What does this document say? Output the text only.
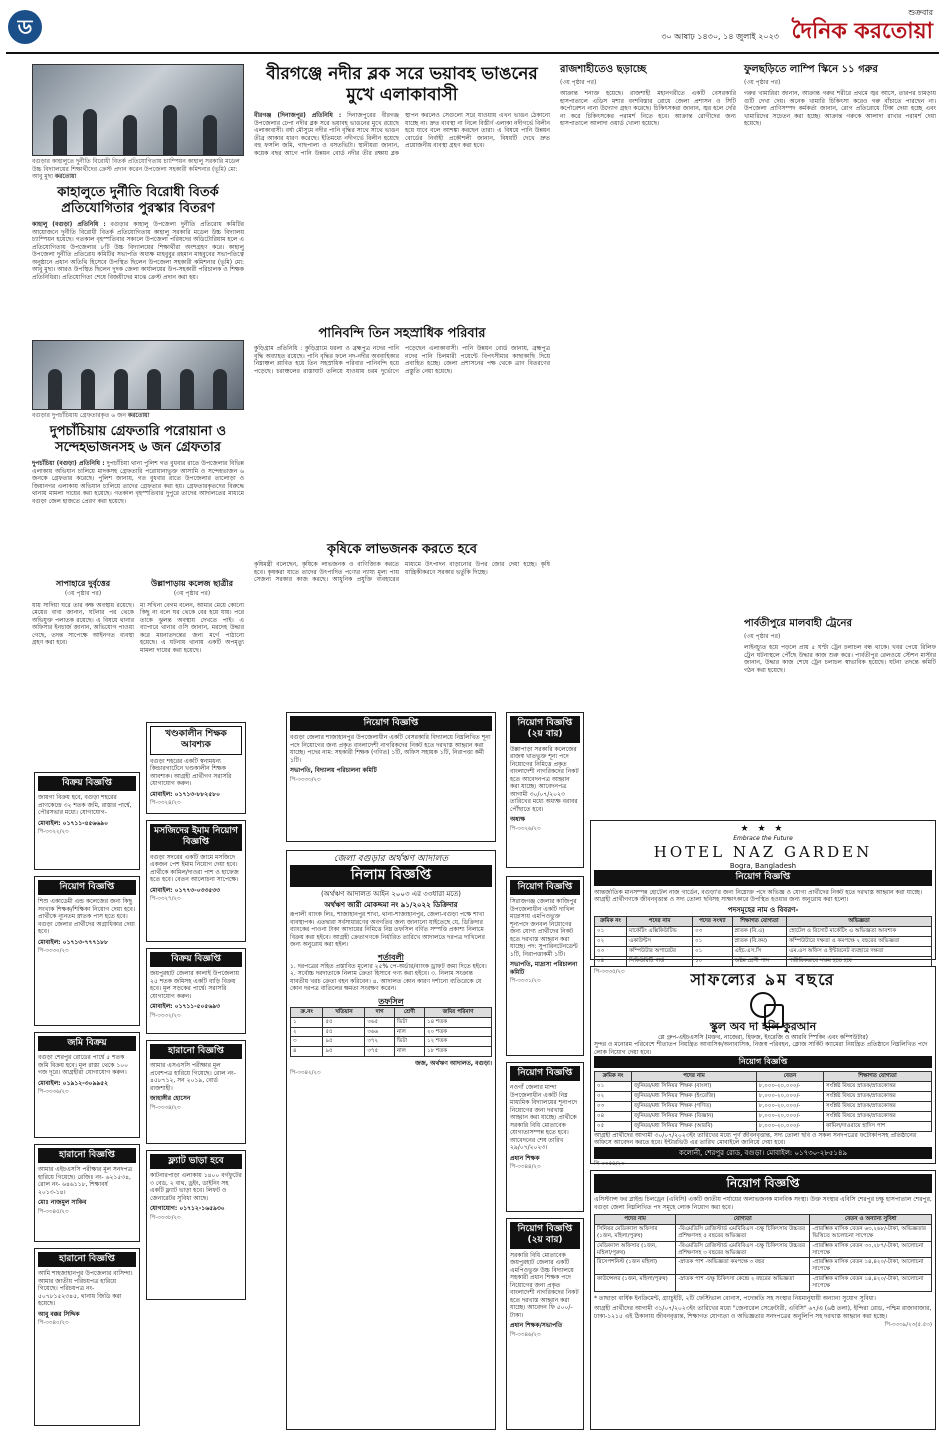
ড	৩০ আষাঢ় ১৪৩০, ১৪ জুলাই ২০২৩
শুক্রবার
দৈনিক করতোয়া
বগুড়ার কাহালুতে দুর্নীতি বিরোধী বিতর্ক প্রতিযোগিতায় চ্যাম্পিয়ন কাহালু সরকারি মডেল উচ্চ বিদ্যালয়ের শিক্ষার্থীদের ক্রেস্ট প্রদান করেন উপজেলা সহকারী কমিশনার (ভূমি) মো: আবু মুছা করতোয়া
কাহালুতে দুর্নীতি বিরোধী বিতর্ক প্রতিযোগিতার পুরস্কার বিতরণ
কাহালু (বগুড়া) প্রতিনিধি : বগুড়ার কাহালু উপজেলা দুর্নীতি প্রতিরোধ কমিটির আয়োজনে দুর্নীতি বিরোধী বিতর্ক প্রতিযোগিতায় কাহালু সরকারি মডেল উচ্চ বিদ্যালয় চ্যাম্পিয়ন হয়েছে। গতকাল বৃহস্পতিবার সকালে উপজেলা পরিষদের অডিটোরিয়াম হলে এ প্রতিযোগিতায় উপজেলার ৮টি উচ্চ বিদ্যালয়ের শিক্ষার্থীরা অংশগ্রহণ করে। কাহালু উপজেলা দুর্নীতি প্রতিরোধ কমিটির সভাপতি অধ্যক্ষ মাহবুবুর রহমান মাহবুবের সভাপতিত্বে অনুষ্ঠানে প্রধান অতিথি হিসেবে উপস্থিত ছিলেন উপজেলা সহকারী কমিশনার (ভূমি) মো: আবু মুছা। আরও উপস্থিত ছিলেন দুদক জেলা কার্যালয়ের উপ-সহকারী পরিচালক ও শিক্ষক প্রতিনিধিরা। প্রতিযোগিতা শেষে বিজয়ীদের মাঝে ক্রেস্ট প্রদান করা হয়।
বগুড়ার দুপচাঁচিয়ায় গ্রেফতারকৃত ৬ জন করতোয়া
দুপচাঁচিয়ায় গ্রেফতারি পরোয়ানা ও সন্দেহভাজনসহ ৬ জন গ্রেফতার
দুপচাঁচিয়া (বগুড়া) প্রতিনিধি : দুপচাঁচিয়া থানা পুলিশ গত বুধবার রাতে উপজেলার বিভিন্ন এলাকায় অভিযান চালিয়ে মাদকসহ গ্রেফতারি পরোয়ানাভুক্ত আসামি ও সন্দেহভাজন ৬ জনকে গ্রেফতার করেছে। পুলিশ জানায়, গত বুধবার রাতে উপজেলার তালোড়া ও জিয়ানগর এলাকায় অভিযান চালিয়ে তাদের গ্রেফতার করা হয়। গ্রেফতারকৃতদের বিরুদ্ধে থানায় মামলা দায়ের করা হয়েছে। গতকাল বৃহস্পতিবার দুপুরে তাদের আদালতের মাধ্যমে বগুড়া জেল হাজতে প্রেরণ করা হয়েছে।
সাপাহারে দুর্বৃত্তের
(৩য় পৃষ্ঠার পর)
যায় সাদিয়া ঘরে তার কক্ষ অবস্থায় রয়েছে। মেয়ের বাবা জানান, ঘটনার পর থেকে অভিযুক্ত পলাতক রয়েছে। এ বিষয়ে থানার অফিসার ইনচার্জ জানান, অভিযোগ পাওয়া গেছে, তদন্ত সাপেক্ষে আইনগত ব্যবস্থা গ্রহণ করা হবে।
উল্লাপাড়ায় কলেজ ছাত্রীর
(৩য় পৃষ্ঠার পর)
মা সখিনা বেগম বলেন, আমার মেয়ে কোনো কিছু না বলে ঘর থেকে বের হয়ে যায়। পরে তাকে ঝুলন্ত অবস্থায় দেখতে পাই। এ ব্যাপারে থানার ওসি জানান, মরদেহ উদ্ধার করে ময়নাতদন্তের জন্য মর্গে পাঠানো হয়েছে। এ ঘটনায় থানায় একটি অপমৃত্যু মামলা দায়ের করা হয়েছে।
বিক্রয় বিজ্ঞপ্তি
জায়গা বিক্রয় হবে, বগুড়া শহরের প্রাণকেন্দ্রে ৩২ শতক জমি, রাস্তার পার্শ্বে, পৌরসভার মধ্যে। যোগাযোগ-
মোবাইল: ০১৭১১-৪৫৬৬৯০
পি-৩৩২২/২৩
নিয়োগ বিজ্ঞপ্তি
শিশু একাডেমী এন্ড কলেজের জন্য কিছু সংখ্যক শিক্ষক/শিক্ষিকা নিয়োগ দেয়া হবে। প্রার্থীকে ন্যূনতম স্নাতক পাস হতে হবে। বগুড়া জেলার প্রার্থীদের অগ্রাধিকার দেয়া হবে।
মোবাইল: ০১৭১৩-৭৭৭১৮৮
পি-৩৩৩০/২৩
জমি বিক্রয়
বগুড়া শেরপুর রোডের পার্শ্বে ৫ শতক জমি বিক্রয় হবে। মূল রাস্তা থেকে ১০০ গজ দূরে। আগ্রহীরা যোগাযোগ করুন।
মোবাইল: ০১৯১২-৩০৯৯৫২
পি-৩৩৩৬/২৩
হারানো বিজ্ঞপ্তি
আমার এইচএসসি পরীক্ষার মূল সনদপত্র হারিয়ে গিয়েছে। রেজিঃ নং- ৬২১৫৩৪, রোল নং- ৬৪৬১১৮, শিক্ষাবর্ষ ২০১৩-১৪।
মোঃ নাজমুল সাকিব
পি-৩৩৪৫/২৩
খণ্ডকালীন শিক্ষক আবশ্যক
বগুড়া শহরের একটি স্বনামধন্য কিন্ডারগার্টেনে খণ্ডকালীন শিক্ষক আবশ্যক। আগ্রহী প্রার্থীগণ সরাসরি যোগাযোগ করুন।
মোবাইল: ০১৭১৩-৮৮২৫৮০
পি-৩৩২৪/২৩
মসজিদের ইমাম নিয়োগ বিজ্ঞপ্তি
বগুড়া সদরের একটি জামে মসজিদে একজন পেশ ইমাম নিয়োগ দেয়া হবে। প্রার্থীকে কামিল/দাওরা পাশ ও হাফেজ হতে হবে। বেতন আলোচনা সাপেক্ষে।
মোবাইল: ০১৭৭৩-০৩৩৫৩৩
পি-৩৩২৭/২৩
বিক্রয় বিজ্ঞপ্তি
জয়পুরহাট জেলার কালাই উপজেলায় ২৫ শতক জমিসহ একটি বাড়ি বিক্রয় হবে। মূল সড়কের পার্শ্বে। সরাসরি যোগাযোগ করুন।
মোবাইল: ০১৭১১-৫০৫৬৯৩
পি-৩৩৩২/২৩
হারানো বিজ্ঞপ্তি
আমার এসএসসি পরীক্ষার মূল প্রবেশপত্র হারিয়ে গিয়েছে। রোল নং- ৪৫৮৭১২, সন ২০১৯, বোর্ড রাজশাহী।
জাহাঙ্গীর হোসেন
পি-৩৩৩৪/২৩
ফ্ল্যাট ভাড়া হবে
কাটনারপাড়া এলাকায় ১৪০০ বর্গফুটের ৩ বেড, ২ বাথ, ড্রইং, ডাইনিং সহ একটি ফ্ল্যাট ভাড়া হবে। লিফট ও জেনারেটর সুবিধা আছে।
যোগাযোগ: ০১৭১২-১৬৫৯৩০
পি-৩৩৩৮/২৩
হারানো বিজ্ঞপ্তি
আমি শাহজাহানপুর উপজেলার বাসিন্দা। আমার জাতীয় পরিচয়পত্র হারিয়ে গিয়েছে। পরিচয়পত্র নং- ৫০৭৮১৫২৩৪৫, থানায় জিডি করা হয়েছে।
আবু বক্কর সিদ্দিক
পি-৩৩৪০/২৩
বীরগঞ্জে নদীর ব্লক সরে ভয়াবহ ভাঙনের মুখে এলাকাবাসী
বীরগঞ্জ (দিনাজপুর) প্রতিনিধি : দিনাজপুরের বীরগঞ্জ উপজেলার ঢেপা নদীর ব্লক সরে ভয়াবহ ভাঙনের মুখে রয়েছে এলাকাবাসী। বর্ষা মৌসুমে নদীর পানি বৃদ্ধির সাথে সাথে ভাঙন তীব্র আকার ধারণ করেছে। ইতিমধ্যে নদীগর্ভে বিলীন হয়েছে বহু ফসলি জমি, গাছপালা ও বসতভিটা। স্থানীয়রা জানান, কয়েক বছর আগে পানি উন্নয়ন বোর্ড নদীর তীর রক্ষায় ব্লক স্থাপন করলেও সেগুলো সরে যাওয়ায় এখন ভাঙন ঠেকানো যাচ্ছে না। দ্রুত ব্যবস্থা না নিলে বিস্তীর্ণ এলাকা নদীগর্ভে বিলীন হয়ে যাবে বলে আশঙ্কা করছেন তারা। এ বিষয়ে পানি উন্নয়ন বোর্ডের নির্বাহী প্রকৌশলী জানান, বিষয়টি দেখে দ্রুত প্রয়োজনীয় ব্যবস্থা গ্রহণ করা হবে।
পানিবন্দি তিন সহস্রাধিক পরিবার
কুড়িগ্রাম প্রতিনিধি : কুড়িগ্রামে ধরলা ও ব্রহ্মপুত্র নদের পানি বৃদ্ধি অব্যাহত রয়েছে। পানি বৃদ্ধির ফলে নদ-নদীর অববাহিকার নিম্নাঞ্চল প্লাবিত হয়ে তিন সহস্রাধিক পরিবার পানিবন্দি হয়ে পড়েছে। চরাঞ্চলের রাস্তাঘাট তলিয়ে যাওয়ায় চরম দুর্ভোগে পড়েছেন এলাকাবাসী। পানি উন্নয়ন বোর্ড জানায়, ব্রহ্মপুত্র নদের পানি চিলমারী পয়েন্টে বিপৎসীমার কাছাকাছি দিয়ে প্রবাহিত হচ্ছে। জেলা প্রশাসনের পক্ষ থেকে ত্রাণ বিতরণের প্রস্তুতি নেয়া হয়েছে।
কৃষিকে লাভজনক করতে হবে
কৃষিমন্ত্রী বলেছেন, কৃষিকে লাভজনক ও বাণিজ্যিক করতে হবে। কৃষকরা যাতে তাদের উৎপাদিত পণ্যের ন্যায্য মূল্য পায় সেজন্য সরকার কাজ করছে। আধুনিক প্রযুক্তি ব্যবহারের মাধ্যমে উৎপাদন বাড়ানোর উপর জোর দেয়া হচ্ছে। কৃষি যান্ত্রিকীকরণে সরকার ভর্তুকি দিচ্ছে।
নিয়োগ বিজ্ঞপ্তি
বগুড়া জেলার শাজাহানপুর উপজেলাধীন একটি বেসরকারি বিদ্যালয়ে নিম্নলিখিত শূন্য পদে নিয়োগের জন্য প্রকৃত বাংলাদেশী নাগরিকদের নিকট হতে দরখাস্ত আহ্বান করা যাচ্ছে। পদের নাম: সহকারী শিক্ষক (গণিত) ১টি, অফিস সহায়ক ১টি, নিরাপত্তা কর্মী ১টি।
সভাপতি, বিদ্যালয় পরিচালনা কমিটি
পি-৩৩৩৩/২৩
নিয়োগ বিজ্ঞপ্তি (২য় বার)
উল্লাপাড়া সরকারি কলেজের রাজস্ব খাতভুক্ত শূন্য পদে নিয়োগের নিমিত্তে প্রকৃত বাংলাদেশী নাগরিকদের নিকট হতে আবেদনপত্র আহ্বান করা যাচ্ছে। আবেদনপত্র আগামী ৩০/০৭/২০২৩ তারিখের মধ্যে অধ্যক্ষ বরাবর পৌঁছাতে হবে।
অধ্যক্ষ
পি-৩৩২৬/২৩
জেলা বগুড়ার অর্থঋণ আদালত
নিলাম বিজ্ঞপ্তি
(অর্থঋণ আদালত আইন ২০০৩ এর ৩৩ধারা মতে)
অর্থঋণ জারী মোকদ্দমা নং ৯১/২০২২ ডিক্রিদার
রূপালী ব্যাংক লিঃ, শাজাহানপুর শাখা, থানা-শাজাহানপুর, জেলা-বগুড়া পক্ষে শাখা ব্যবস্থাপক। এতদ্বারা সর্বসাধারণের অবগতির জন্য জানানো যাইতেছে যে, ডিক্রিদার ব্যাংকের পাওনা টাকা আদায়ের নিমিত্তে নিম্ন তফসিল বর্ণিত সম্পত্তি প্রকাশ্য নিলামে বিক্রয় করা হইবে। আগ্রহী ক্রেতাগণকে নির্ধারিত তারিখে আদালতে দরপত্র দাখিলের জন্য অনুরোধ করা হইল।
শর্তাবলী
১. দরপত্রের সহিত প্রস্তাবিত মূল্যের ২৫% পে-অর্ডার/ব্যাংক ড্রাফট জমা দিতে হইবে। ২. সর্বোচ্চ দরদাতাকে নিলাম ক্রেতা হিসাবে গণ্য করা হইবে। ৩. নিলাম সংক্রান্ত যাবতীয় খরচ ক্রেতা বহন করিবেন। ৪. আদালত কোন কারণ দর্শানো ব্যতিরেকে যে কোন দরপত্র বাতিলের ক্ষমতা সংরক্ষণ করেন।
তফসিল
ক্র.নং	খতিয়ান	দাগ	শ্রেণী	জমির পরিমাণ
১	৫৫	৩৬৫	ভিটা	১৪ শতক
২	৫৫	৩৬৬	নাল	২০ শতক
৩	৯৫	৩৭২	ভিটা	১২ শতক
৪	৯৫	৩৭৫	নাল	১৮ শতক
জজ, অর্থঋণ আদালত, বগুড়া।
পি-৩৩৪২/২৩
নিয়োগ বিজ্ঞপ্তি
সিরাজগঞ্জ জেলার কাজিপুর উপজেলাধীন একটি দাখিল মাদ্রাসায় এমপিওভুক্ত শূন্যপদে জনবল নিয়োগের জন্য যোগ্য প্রার্থীদের নিকট হতে দরখাস্ত আহ্বান করা যাচ্ছে। পদ: সুপারিনটেনডেন্ট ১টি, নিরাপত্তাকর্মী ১টি।
সভাপতি, মাদ্রাসা পরিচালনা কমিটি
পি-৩৩৩১/২৩
নিয়োগ বিজ্ঞপ্তি
নওগাঁ জেলার মান্দা উপজেলাধীন একটি নিম্ন মাধ্যমিক বিদ্যালয়ের শূন্যপদে নিয়োগের জন্য দরখাস্ত আহ্বান করা যাচ্ছে। প্রার্থীকে সরকারি বিধি মোতাবেক যোগ্যতাসম্পন্ন হতে হবে। আবেদনের শেষ তারিখ ২৯/০৭/২০২৩।
প্রধান শিক্ষক
পি-৩৩৪৪/২৩
নিয়োগ বিজ্ঞপ্তি (২য় বার)
সরকারি বিধি মোতাবেক জয়পুরহাট জেলার একটি এমপিওভুক্ত উচ্চ বিদ্যালয়ে সহকারী প্রধান শিক্ষক পদে নিয়োগের জন্য প্রকৃত বাংলাদেশী নাগরিকদের নিকট হতে দরখাস্ত আহ্বান করা যাচ্ছে। আবেদন ফি ৫০০/- টাকা।
প্রধান শিক্ষক/সভাপতি
পি-৩৩৪৬/২৩
রাজশাহীতেও ছড়াচ্ছে
(৩য় পৃষ্ঠার পর)
আক্রান্ত শনাক্ত হয়েছে। রাজশাহী মহানগরীতে একটি বেসরকারি হাসপাতালে এডিস মশার বংশবিস্তার রোধে জেলা প্রশাসন ও সিটি কর্পোরেশন নানা উদ্যোগ গ্রহণ করেছে। চিকিৎসকরা জানান, জ্বর হলে দেরি না করে চিকিৎসকের পরামর্শ নিতে হবে। আক্রান্ত রোগীদের জন্য হাসপাতালে আলাদা ওয়ার্ড খোলা হয়েছে।
ফুলছড়িতে লাম্পি স্কিনে ১১ গরুর
(৩য় পৃষ্ঠার পর)
গরুর খামারিরা জানান, আক্রান্ত গরুর শরীরে প্রথমে জ্বর আসে, তারপর চামড়ায় গুটি দেখা দেয়। অনেক খামারি চিকিৎসা করেও গরু বাঁচাতে পারছেন না। উপজেলা প্রাণিসম্পদ কর্মকর্তা জানান, রোগ প্রতিরোধে টিকা দেয়া হচ্ছে এবং খামারিদের সচেতন করা হচ্ছে। আক্রান্ত গরুকে আলাদা রাখার পরামর্শ দেয়া হয়েছে।
পার্বতীপুরে মালবাহী ট্রেনের
(৩য় পৃষ্ঠার পর)
লাইনচ্যুত হয়ে পড়লে প্রায় ৫ ঘণ্টা ট্রেন চলাচল বন্ধ থাকে। খবর পেয়ে রিলিফ ট্রেন ঘটনাস্থলে পৌঁছে উদ্ধার কাজ শুরু করে। পার্বতীপুর রেলওয়ে স্টেশন মাস্টার জানান, উদ্ধার কাজ শেষে ট্রেন চলাচল স্বাভাবিক হয়েছে। ঘটনা তদন্তে কমিটি গঠন করা হয়েছে।
★ ★ ★
Embrace the Future
HOTEL NAZ GARDEN
Bogra, Bangladesh
নিয়োগ বিজ্ঞপ্তি
আন্তর্জাতিক মানসম্পন্ন হোটেল নাজ গার্ডেন, বগুড়া'র জন্য নিম্নোক্ত পদে অভিজ্ঞ ও যোগ্য প্রার্থীদের নিকট হতে দরখাস্ত আহ্বান করা যাচ্ছে। আগ্রহী প্রার্থীগণকে জীবনবৃত্তান্ত ও সদ্য তোলা ছবিসহ সাক্ষাৎকারে উপস্থিত হওয়ার জন্য অনুরোধ করা হলো।
পদসমূহের নাম ও বিবরণ-
ক্রমিক নং	পদের নাম	পদের সংখ্যা	শিক্ষাগত যোগ্যতা	অভিজ্ঞতা
০১	মার্কেটিং এক্সিকিউটিভ	০৩	স্নাতক (বি.এ)	হোটেল ও রিসোর্ট মার্কেটিং এ অভিজ্ঞতা আবশ্যক
০২	একাউন্টস	০১	স্নাতক (বি.কম)	কম্পিউটারে দক্ষতা ও কমপক্ষে ২ বছরের অভিজ্ঞতা
০৩	কম্পিউটার অপারেটর	০১	এইচ.এস.সি	এম.এস অফিস ও ইন্টারনেট ব্যবহারে দক্ষতা
০৪	সিকিউরিটি গার্ড	১০	অষ্টম শ্রেণী পাস	শারীরিকভাবে সক্ষম হতে হবে
পি-৩৩৩৫/২৩	সাফল্যের ৯ম বছরে
স্কুল অব দা হলি কুরআন
প্লে গ্রুপ-এইচএসসি (মক্তব, নাজেরা, হিফজ, ইংরেজি ও আরবি স্পিকিং এবং কম্পিউটার)
সুন্দর ও মনোরম পরিবেশে শীতাতপ নিয়ন্ত্রিত আবাসিক/অনাবাসিক, নিজস্ব পরিবহন, ক্লোজ সার্কিট ক্যামেরা নিয়ন্ত্রিত প্রতিষ্ঠানে নিম্নলিখিত পদে লোক নিয়োগ দেয়া হবে।
নিয়োগ বিজ্ঞপ্তি
ক্রমিক নং	পদের নাম	বেতন	শিক্ষাগত যোগ্যতা
০১	জুনিয়র/মধ্য সিনিয়র শিক্ষক (বাংলা)	৮,০০০-২০,০০০/-	সংশ্লিষ্ট বিষয়ে স্নাতক/স্নাতকোত্তর
০২	জুনিয়র/মধ্য সিনিয়র শিক্ষক (ইংরেজি)	৮,০০০-২০,০০০/-	সংশ্লিষ্ট বিষয়ে স্নাতক/স্নাতকোত্তর
০৩	জুনিয়র/মধ্য সিনিয়র শিক্ষক (গণিত)	৮,০০০-২০,০০০/-	সংশ্লিষ্ট বিষয়ে স্নাতক/স্নাতকোত্তর
০৪	জুনিয়র/মধ্য সিনিয়র শিক্ষক (বিজ্ঞান)	৮,০০০-২০,০০০/-	সংশ্লিষ্ট বিষয়ে স্নাতক/স্নাতকোত্তর
০৫	জুনিয়র/মধ্য সিনিয়র শিক্ষক (আরবি)	৮,০০০-২০,০০০/-	কামিল/দাওরায়ে হাদিস পাশ
আগ্রহী প্রার্থীদের আগামী ৩০/০৭/২০২৩ইং তারিখের মধ্যে পূর্ণ জীবনবৃত্তান্ত, সদ্য তোলা ছবি ও সকল সনদপত্রের ফটোকপিসহ প্রতিষ্ঠানের অফিসে আবেদন করতে হবে। ইন্টারভিউ এর তারিখ মোবাইলে জানিয়ে দেয়া হবে।
কলোনী, শেরপুর রোড, বগুড়া। মোবাইল: ০১৭৩০-২৮৫১৪৯
পি-৩৩৫৪/২৩
নিয়োগ বিজ্ঞপ্তি
এসিস্ট্যান্স ফর ব্লাইন্ড চিলড্রেন (এবিসি) একটি জাতীয় পর্যায়ের অলাভজনক মানবিক সংস্থা। উক্ত সংস্থার এবিসি শেরপুর চক্ষু হাসপাতাল শেরপুর, বগুড়া জেলা নিম্নলিখিত পদ সমূহে লোক নিয়োগ করা হবে।
পদের নাম	যোগ্যতা	বেতন ও অন্যান্য সুবিধা
সিনিয়র মেডিক্যাল অফিসার (১জন, মহিলা/পুরুষ)	-বিএমডিসি রেজিস্টার্ড এমবিবিএস -চক্ষু চিকিৎসায় উচ্চতর প্রশিক্ষণসহ ৫ বছরের অভিজ্ঞতা	-প্রারম্ভিক মাসিক বেতন ৬৩,২৬৮/-টাকা, অভিজ্ঞতার ভিত্তিতে আলোচনা সাপেক্ষে
মেডিক্যাল অফিসার (১জন, মহিলা/পুরুষ)	-বিএমডিসি রেজিস্টার্ড এমবিবিএস -চক্ষু চিকিৎসায় উচ্চতর প্রশিক্ষণসহ ৩ বছরের অভিজ্ঞতা	-প্রারম্ভিক মাসিক বেতন ৩০,২৮৭/-টাকা, আলোচনা সাপেক্ষে
রিসেপশনিস্ট (১জন মহিলা)	-স্নাতক পাশ -অভিজ্ঞতা কমপক্ষে ৩ বছর	-প্রারম্ভিক মাসিক বেতন ১৪,৪২০/-টাকা, আলোচনা সাপেক্ষে
কাউন্সেলর (১জন, মহিলা/পুরুষ)	-স্নাতক পাশ -চক্ষু চিকিৎসা কেন্দ্রে ২ বছরের অভিজ্ঞতা	-প্রারম্ভিক মাসিক বেতন ১৪,৪২০/-টাকা, আলোচনা সাপেক্ষে
* তাছাড়া বার্ষিক ইনক্রিমেন্ট, গ্র্যাচুইটি, ২টি ফেস্টিভাল বোনাস, পদোন্নতি সহ সংস্থার নিয়মানুযায়ী অন্যান্য সুযোগ সুবিধা।
আগ্রহী প্রার্থীদের আগামী ৩১/০৭/২০২৩ইং তারিখের মধ্যে "জেনারেল সেক্রেটারী, এবিসি" ৬৭/এ (৬ষ্ঠ তলা), ইন্দিরা রোড, পশ্চিম রাজাবাজার, ঢাকা-১২১৫ এই ঠিকানায় জীবনবৃত্তান্ত, শিক্ষাগত যোগ্যতা ও অভিজ্ঞতার সনদপত্রের অনুলিপি সহ দরখাস্ত আহ্বান করা হচ্ছে।
পি-৩৩৩৯/২৩(৫.৫৩)
